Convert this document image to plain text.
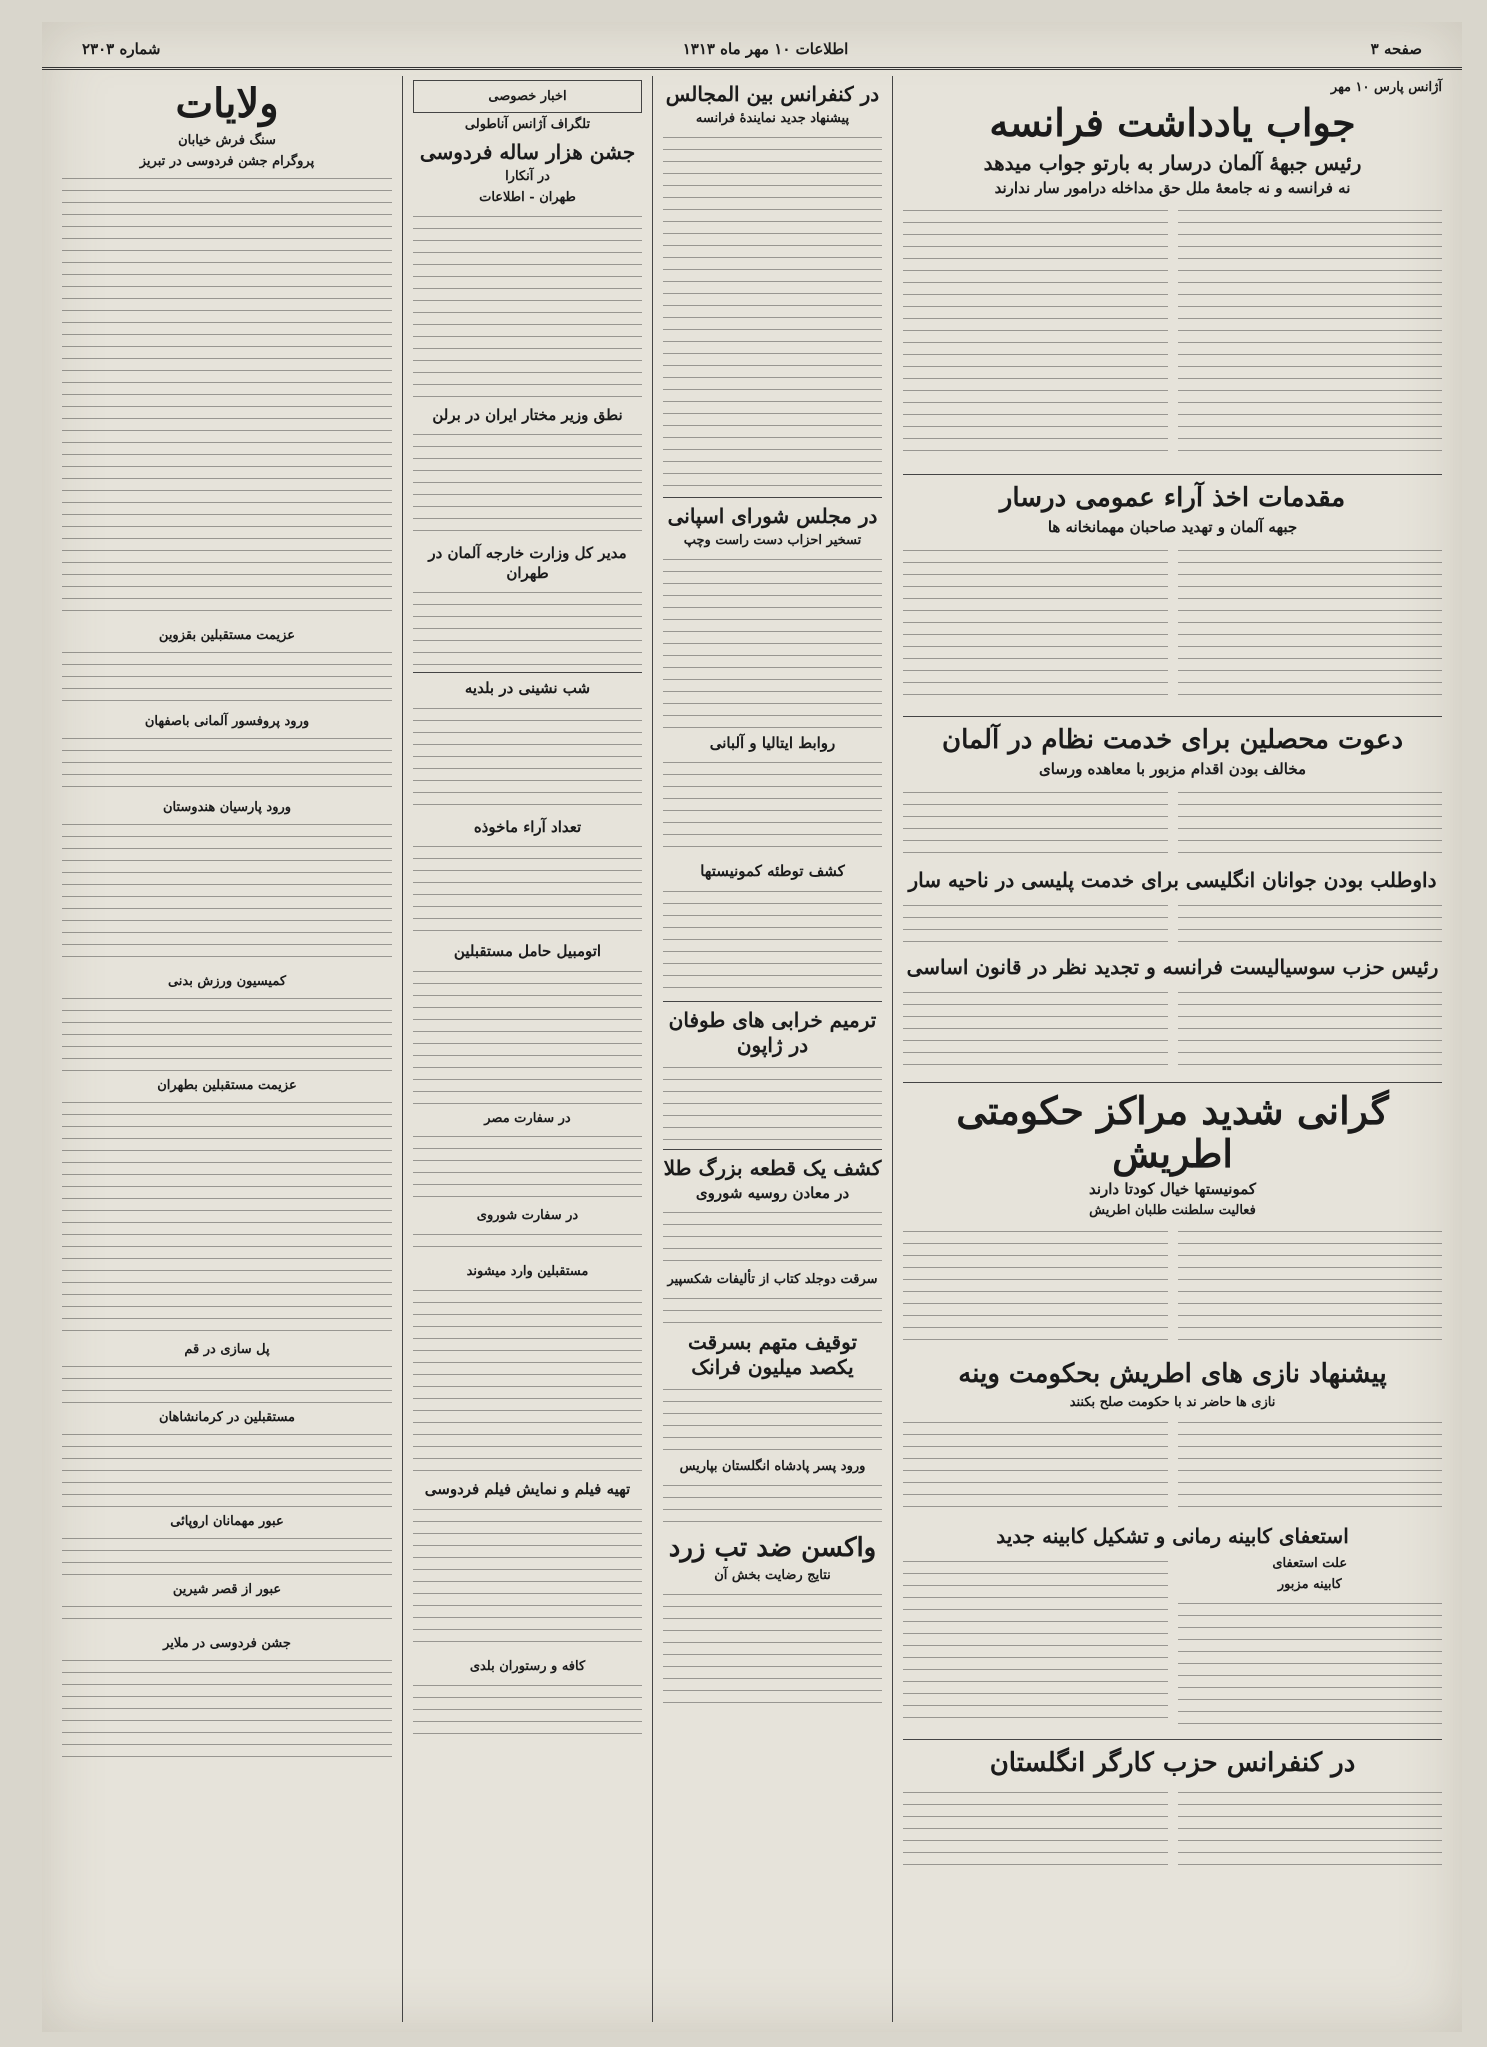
صفحه ۳
اطلاعات ۱۰ مهر ماه ۱۳۱۳
شماره ۲۳۰۳
آژانس پارس ۱۰ مهر
جواب یادداشت فرانسه
رئیس جبههٔ آلمان درسار به بارتو جواب میدهد
نه فرانسه و نه جامعهٔ ملل حق مداخله درامور سار ندارند
مقدمات اخذ آراء عمومی درسار
جبهه آلمان و تهدید صاحبان مهمانخانه ها
دعوت محصلین برای خدمت نظام در آلمان
مخالف بودن اقدام مزبور با معاهده ورسای
داوطلب بودن جوانان انگلیسی برای خدمت پلیسی در ناحیه سار
رئیس حزب سوسیالیست فرانسه و تجدید نظر در قانون اساسی
گرانی شدید مراکز حکومتی اطریش
کمونیستها خیال کودتا دارند
فعالیت سلطنت طلبان اطریش
پیشنهاد نازی های اطریش بحکومت وینه
نازی ها حاضر ند با حکومت صلح بکنند
استعفای کابینه رمانی و تشکیل کابینه جدید
علت استعفای
کابینه مزبور
در کنفرانس حزب کارگر انگلستان
در کنفرانس بین المجالس
پیشنهاد جدید نمایندهٔ فرانسه
در مجلس شورای اسپانی
تسخیر احزاب دست راست وچپ
روابط ایتالیا و آلبانی
کشف توطئه کمونیستها
ترمیم خرابی های طوفان در ژاپون
کشف یک قطعه بزرگ طلا
در معادن روسیه شوروی
سرقت دوجلد کتاب از تألیفات شکسپیر
توقیف متهم بسرقت یکصد میلیون فرانک
ورود پسر پادشاه انگلستان بپاریس
واکسن ضد تب زرد
نتایج رضایت بخش آن
اخبار خصوصی
تلگراف آژانس آناطولی
جشن هزار ساله فردوسی
در آنکارا
طهران - اطلاعات
نطق وزیر مختار ایران در برلن
مدیر کل وزارت خارجه آلمان در طهران
شب نشینی در بلدیه
تعداد آراء ماخوذه
اتومبیل حامل مستقبلین
در سفارت مصر
در سفارت شوروی
مستقبلین وارد میشوند
تهیه فیلم و نمایش فیلم فردوسی
کافه و رستوران بلدی
ولایات
سنگ فرش خیابان
پروگرام جشن فردوسی در تبریز
عزیمت مستقبلین بقزوین
ورود پروفسور آلمانی باصفهان
ورود پارسیان هندوستان
کمیسیون ورزش بدنی
عزیمت مستقبلین بطهران
پل سازی در قم
مستقبلین در کرمانشاهان
عبور مهمانان اروپائی
عبور از قصر شیرین
جشن فردوسی در ملایر
